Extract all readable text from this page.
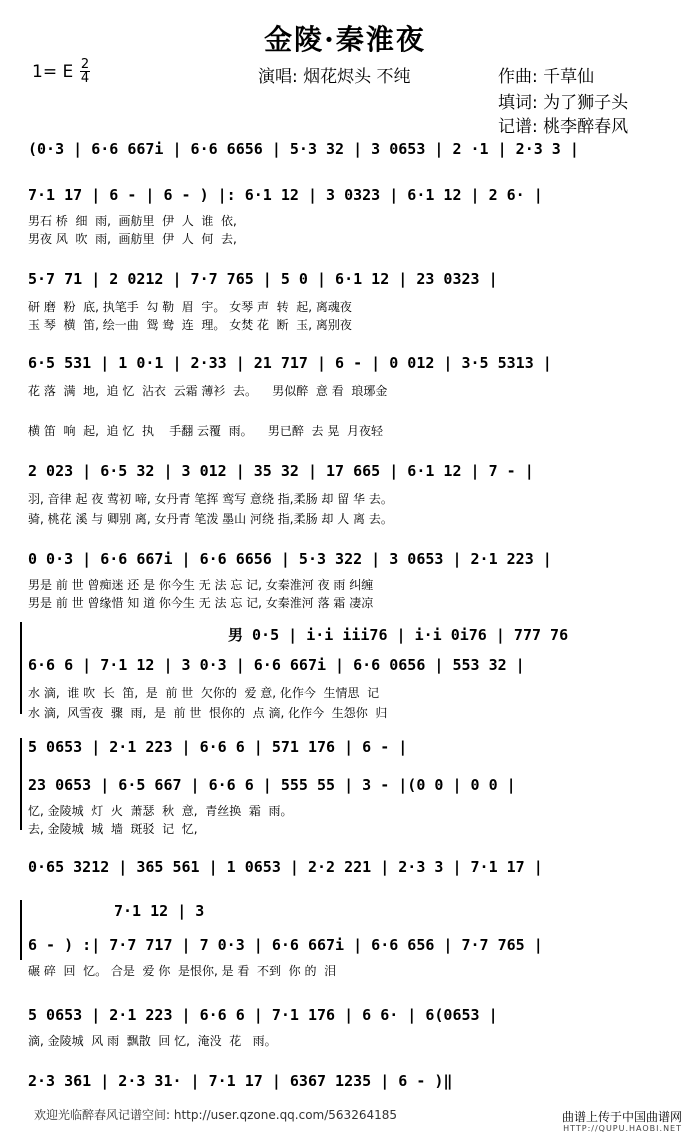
金陵·秦淮夜
1= E 2
4	演唱: 烟花烬头 不纯	作曲: 千草仙
填词: 为了狮子头
记谱: 桃李醉春风
(0·3 | 6·6 667i | 6·6 6656 | 5·3 32 | 3 0653 | 2 ·1 | 2·3 3 |
7·1 17 | 6 - | 6 - ) |: 6·1 12 | 3 0323 | 6·1 12 | 2 6· |
男石 桥  细  雨,  画舫里  伊  人  谁  依,
男夜 风  吹  雨,  画舫里  伊  人  何  去,
5·7 71 | 2 0212 | 7·7 765 | 5 0 | 6·1 12 | 23 0323 |
研 磨  粉  底, 执笔手  勾 勒  眉  宇。 女琴 声  转  起, 离魂夜
玉 琴  横  笛, 绘一曲  鸳 鸯  连  理。 女焚 花  断  玉, 离别夜
6·5 531 | 1 0·1 | 2·33 | 21 717 | 6 - | 0 012 | 3·5 5313 |
花 落  满  地,  追 忆  沾衣  云霜 薄衫  去。    男似醉  意 看  琅琊金
横 笛  响  起,  追 忆  执    手翻 云覆  雨。    男已醉  去 晃  月夜轻
2 023 | 6·5 32 | 3 012 | 35 32 | 17 665 | 6·1 12 | 7 - |
羽, 音律 起 夜 莺初 啼, 女丹青 笔挥 鸾写 意绕 指,柔肠 却 留 华 去。
骑, 桃花 溪 与 卿别 离, 女丹青 笔泼 墨山 河绕 指,柔肠 却 人 离 去。
0 0·3 | 6·6 667i | 6·6 6656 | 5·3 322 | 3 0653 | 2·1 223 |
男是 前 世 曾痴迷 还 是 你今生 无 法 忘 记, 女秦淮河 夜 雨 纠缠
男是 前 世 曾缘惜 知 道 你今生 无 法 忘 记, 女秦淮河 落 霜 凄凉
男 0·5 | i·i iii76 | i·i 0i76 | 777 76
6·6 6 | 7·1 12 | 3 0·3 | 6·6 667i | 6·6 0656 | 553 32 |
水 滴,  谁 吹  长  笛,  是  前 世  欠你的  爱 意, 化作今  生情思  记
水 滴,  风雪夜  骤  雨,  是  前 世  恨你的  点 滴, 化作今  生怨你  归
5 0653 | 2·1 223 | 6·6 6 | 571 176 | 6 - |
23 0653 | 6·5 667 | 6·6 6 | 555 55 | 3 - |(0 0 | 0 0 |
忆, 金陵城  灯  火  萧瑟  秋  意,  青丝换  霜  雨。
去, 金陵城  城  墙  斑驳  记  忆,
0·65 3212 | 365 561 | 1 0653 | 2·2 221 | 2·3 3 | 7·1 17 |
7·1 12 | 3
6 - ) :| 7·7 717 | 7 0·3 | 6·6 667i | 6·6 656 | 7·7 765 |
碾 碎  回  忆。 合是  爱 你  是恨你, 是 看  不到  你 的  泪
5 0653 | 2·1 223 | 6·6 6 | 7·1 176 | 6 6· | 6(0653 |
滴, 金陵城  风 雨  飘散  回 忆,  淹没  花   雨。
2·3 361 | 2·3 31· | 7·1 17 | 6367 1235 | 6 - )‖
欢迎光临醉春风记谱空间: http://user.qzone.qq.com/563264185	曲谱上传于中国曲谱网
HTTP://QUPU.HAOBI.NET
